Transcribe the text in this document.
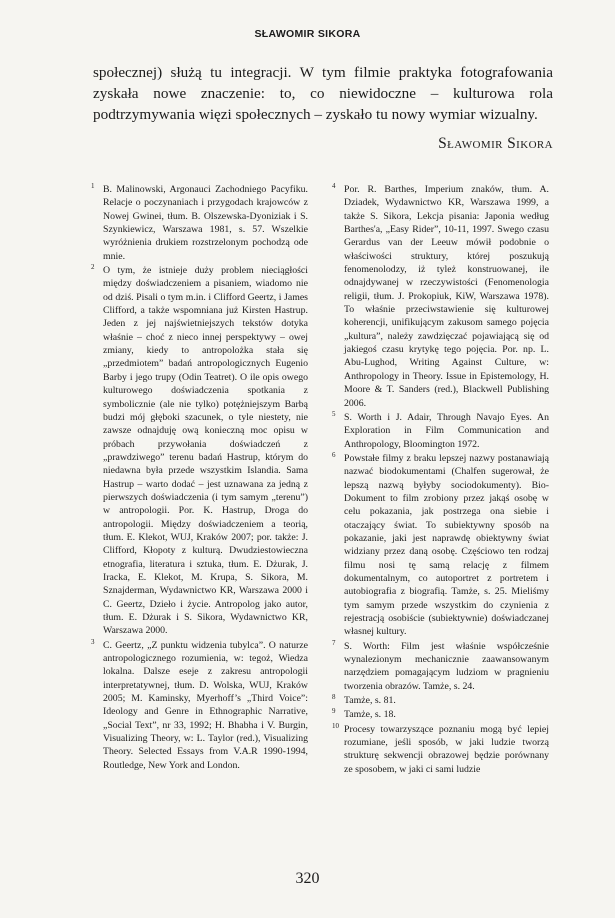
SŁAWOMIR SIKORA

społecznej) służą tu integracji. W tym filmie praktyka fotografowania zyskała nowe znaczenie: to, co niewidoczne – kulturowa rola podtrzymywania więzi społecznych – zyskało tu nowy wymiar wizualny.

Sławomir Sikora
1 B. Malinowski, Argonauci Zachodniego Pacyfiku. Relacje o poczynaniach i przygodach krajowców z Nowej Gwinei, tłum. B. Olszewska-Dyoniziak i S. Szynkiewicz, Warszawa 1981, s. 57. Wszelkie wyróżnienia drukiem rozstrzelonym pochodzą ode mnie.
2 O tym, że istnieje duży problem nieciągłości między doświadczeniem a pisaniem, wiadomo nie od dziś. Pisali o tym m.in. i Clifford Geertz, i James Clifford, a także wspomniana już Kirsten Hastrup. Jeden z jej najświetniejszych tekstów dotyka właśnie – choć z nieco innej perspektywy – owej zmiany, kiedy to antropolożka stała się „przedmiotem” badań antropologicznych Eugenio Barby i jego trupy (Odin Teatret). O ile opis owego kulturowego doświadczenia spotkania z symbolicznie (ale nie tylko) potężniejszym Barbą budzi mój głęboki szacunek, o tyle niestety, nie zawsze odnajduję ową konieczną moc opisu w próbach przywołania doświadczeń z „prawdziwego” terenu badań Hastrup, którym do niedawna była przede wszystkim Islandia. Sama Hastrup – warto dodać – jest uznawana za jedną z pierwszych doświadczenia (i tym samym „terenu”) w antropologii. Por. K. Hastrup, Droga do antropologii. Między doświadczeniem a teorią, tłum. E. Klekot, WUJ, Kraków 2007; por. także: J. Clifford, Kłopoty z kulturą. Dwudziestowieczna etnografia, literatura i sztuka, tłum. E. Dżurak, J. Iracka, E. Klekot, M. Krupa, S. Sikora, M. Sznajderman, Wydawnictwo KR, Warszawa 2000 i C. Geertz, Dzieło i życie. Antropolog jako autor, tłum. E. Dżurak i S. Sikora, Wydawnictwo KR, Warszawa 2000.
3 C. Geertz, „Z punktu widzenia tubylca”. O naturze antropologicznego rozumienia, w: tegoż, Wiedza lokalna. Dalsze eseje z zakresu antropologii interpretatywnej, tłum. D. Wolska, WUJ, Kraków 2005; M. Kaminsky, Myerhoff’s „Third Voice”: Ideology and Genre in Ethnographic Narrative, „Social Text”, nr 33, 1992; H. Bhabha i V. Burgin, Visualizing Theory, w: L. Taylor (red.), Visualizing Theory. Selected Essays from V.A.R 1990-1994, Routledge, New York and London.
4 Por. R. Barthes, Imperium znaków, tłum. A. Dziadek, Wydawnictwo KR, Warszawa 1999, a także S. Sikora, Lekcja pisania: Japonia według Barthes'a, „Easy Rider”, 10-11, 1997. Swego czasu Gerardus van der Leeuw mówił podobnie o właściwości struktury, której poszukują fenomenolodzy, iż tyleż konstruowanej, ile odnajdywanej w rzeczywistości (Fenomenologia religii, tłum. J. Prokopiuk, KiW, Warszawa 1978). To właśnie przeciwstawienie się kulturowej koherencji, unifikującym zakusom samego pojęcia „kultura”, należy zawdzięczać pojawiającą się od jakiegoś czasu krytykę tego pojęcia. Por. np. L. Abu-Lughod, Writing Against Culture, w: Anthropology in Theory. Issue in Epistemology, H. Moore & T. Sanders (red.), Blackwell Publishing 2006.
5 S. Worth i J. Adair, Through Navajo Eyes. An Exploration in Film Communication and Anthropology, Bloomington 1972.
6 Powstałe filmy z braku lepszej nazwy postanawiają nazwać biodokumentami (Chalfen sugerował, że lepszą nazwą byłyby sociodokumenty). Bio-Dokument to film zrobiony przez jakąś osobę w celu pokazania, jak postrzega ona siebie i otaczający świat. To subiektywny sposób na pokazanie, jaki jest naprawdę obiektywny świat widziany przez daną osobę. Częściowo ten rodzaj filmu nosi tę samą relację z filmem dokumentalnym, co autoportret z portretem i autobiografia z biografią. Tamże, s. 25. Mieliśmy tym samym przede wszystkim do czynienia z rejestracją osobiście (subiektywnie) doświadczanej własnej kultury.
7 S. Worth: Film jest właśnie współcześnie wynalezionym mechanicznie zaawansowanym narzędziem pomagającym ludziom w pragnieniu tworzenia obrazów. Tamże, s. 24.
8 Tamże, s. 81.
9 Tamże, s. 18.
10 Procesy towarzyszące poznaniu mogą być lepiej rozumiane, jeśli sposób, w jaki ludzie tworzą strukturę sekwencji obrazowej będzie porównany ze sposobem, w jaki ci sami ludzie
320
